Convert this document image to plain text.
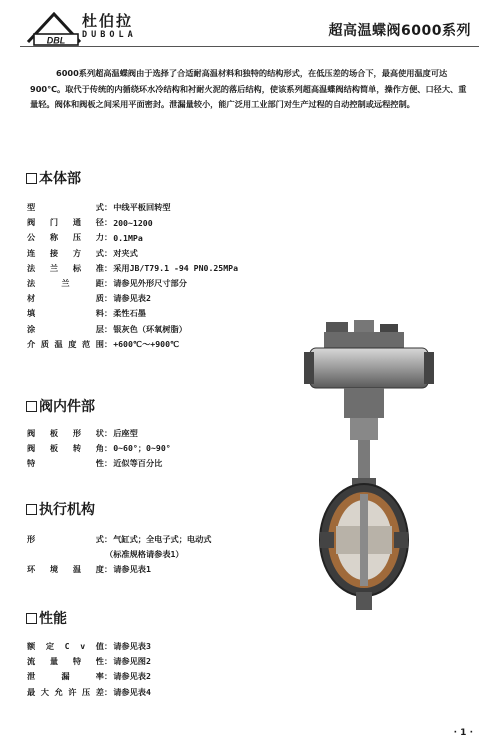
DBL
杜伯拉
DUBOLA	超高温蝶阀6000系列
6000系列超高温蝶阀由于选择了合适耐高温材料和独特的结构形式，在低压差的场合下，最高使用温度可达900℃。取代于传统的内循绕环水冷结构和衬耐火泥的落后结构，使该系列超高温蝶阀结构简单，操作方便、口径大、重量轻。阀体和阀板之间采用平面密封。泄漏量较小，能广泛用工业部门对生产过程的自动控制或远程控制。
本体部
型	式 ： 中线平板回转型
阀 门 通 径 ： 200~1200
公 称 压 力 ： 0.1MPa
连 接 方 式 ： 对夹式
法 兰 标 准 ： 采用JB/T79.1 -94 PN0.25MPa
法	兰	距 ： 请参见外形尺寸部分
材	质 ： 请参见表2
填	料 ： 柔性石墨
涂	层 ： 银灰色（环氧树脂）
介 质 温 度 范 围 ： +600℃～+900℃
阀内件部
阀 板 形 状 ： 后座型
阀 板 转 角 ： 0~60°；0~90°
特	性 ： 近似等百分比
执行机构
形	式 ： 气缸式；全电子式；电动式
（标准规格请参表1）
环 境 温 度 ： 请参见表1
性能
额 定 C v 值 ： 请参见表3
流 量 特 性 ： 请参见图2
泄	漏	率 ： 请参见表2
最 大 允 许 压 差 ： 请参见表4
· 1 ·
